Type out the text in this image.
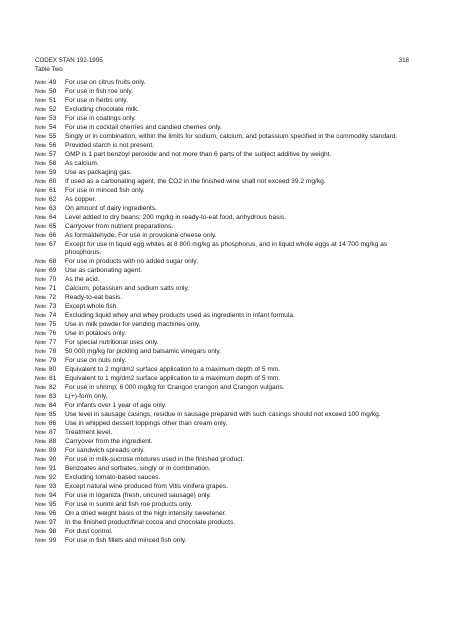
CODEX STAN 192-1995	318
Table Two
Note 49	For use on citrus fruits only.
Note 50	For use in fish roe only.
Note 51	For use in herbs only.
Note 52	Excluding chocolate milk.
Note 53	For use in coatings only.
Note 54	For use in cocktail cherries and candied cherries only.
Note 55	Singly or in combination, within the limits for sodium, calcium, and potassium specified in the commodity standard.
Note 56	Provided starch is not present.
Note 57	GMP is 1 part benzoyl peroxide and not more than 6 parts of the subject additive by weight.
Note 58	As calcium.
Note 59	Use as packaging gas.
Note 60	If used as a carbonating agent, the CO2 in the finished wine shall not exceed 39.2 mg/kg.
Note 61	For use in minced fish only.
Note 62	As copper.
Note 63	On amount of dairy ingredients.
Note 64	Level added to dry beans; 200 mg/kg in ready-to-eat food, anhydrous basis.
Note 65	Carryover from nutrient preparations.
Note 66	As formaldehyde. For use in provolone cheese only.
Note 67	Except for use in liquid egg whites at 8 800 mg/kg as phosphorus, and in liquid whole eggs at 14 700 mg/kg as phosphorus.
Note 68	For use in products with no added sugar only.
Note 69	Use as carbonating agent.
Note 70	As the acid.
Note 71	Calcium, potassium and sodium salts only.
Note 72	Ready-to-eat basis.
Note 73	Except whole fish.
Note 74	Excluding liquid whey and whey products used as ingredients in infant formula.
Note 75	Use in milk powder for vending machines only.
Note 76	Use in potatoes only.
Note 77	For special nutritional uses only.
Note 78	50 000 mg/kg for pickling and balsamic vinegars only.
Note 79	For use on nuts only.
Note 80	Equivalent to 2 mg/dm2 surface application to a maximum depth of 5 mm.
Note 81	Equivalent to 1 mg/dm2 surface application to a maximum depth of 5 mm.
Note 82	For use in shrimp; 6 000 mg/kg for Crangon crangon and Crangon vulgaris.
Note 83	L(+)-form only.
Note 84	For infants over 1 year of age only.
Note 85	Use level in sausage casings; residue in sausage prepared with such casings should not exceed 100 mg/kg.
Note 86	Use in whipped dessert toppings other than cream only.
Note 87	Treatment level.
Note 88	Carryover from the ingredient.
Note 89	For sandwich spreads only.
Note 90	For use in milk-sucrose mixtures used in the finished product.
Note 91	Benzoates and sorbates, singly or in combination.
Note 92	Excluding tomato-based sauces.
Note 93	Except natural wine produced from Vitis vinifera grapes.
Note 94	For use in loganiza (fresh, uncured sausage) only.
Note 95	For use in surimi and fish roe products only.
Note 96	On a dried weight basis of the high intensity sweetener.
Note 97	In the finished product/final cocoa and chocolate products.
Note 98	For dust control.
Note 99	For use in fish fillets and minced fish only.
